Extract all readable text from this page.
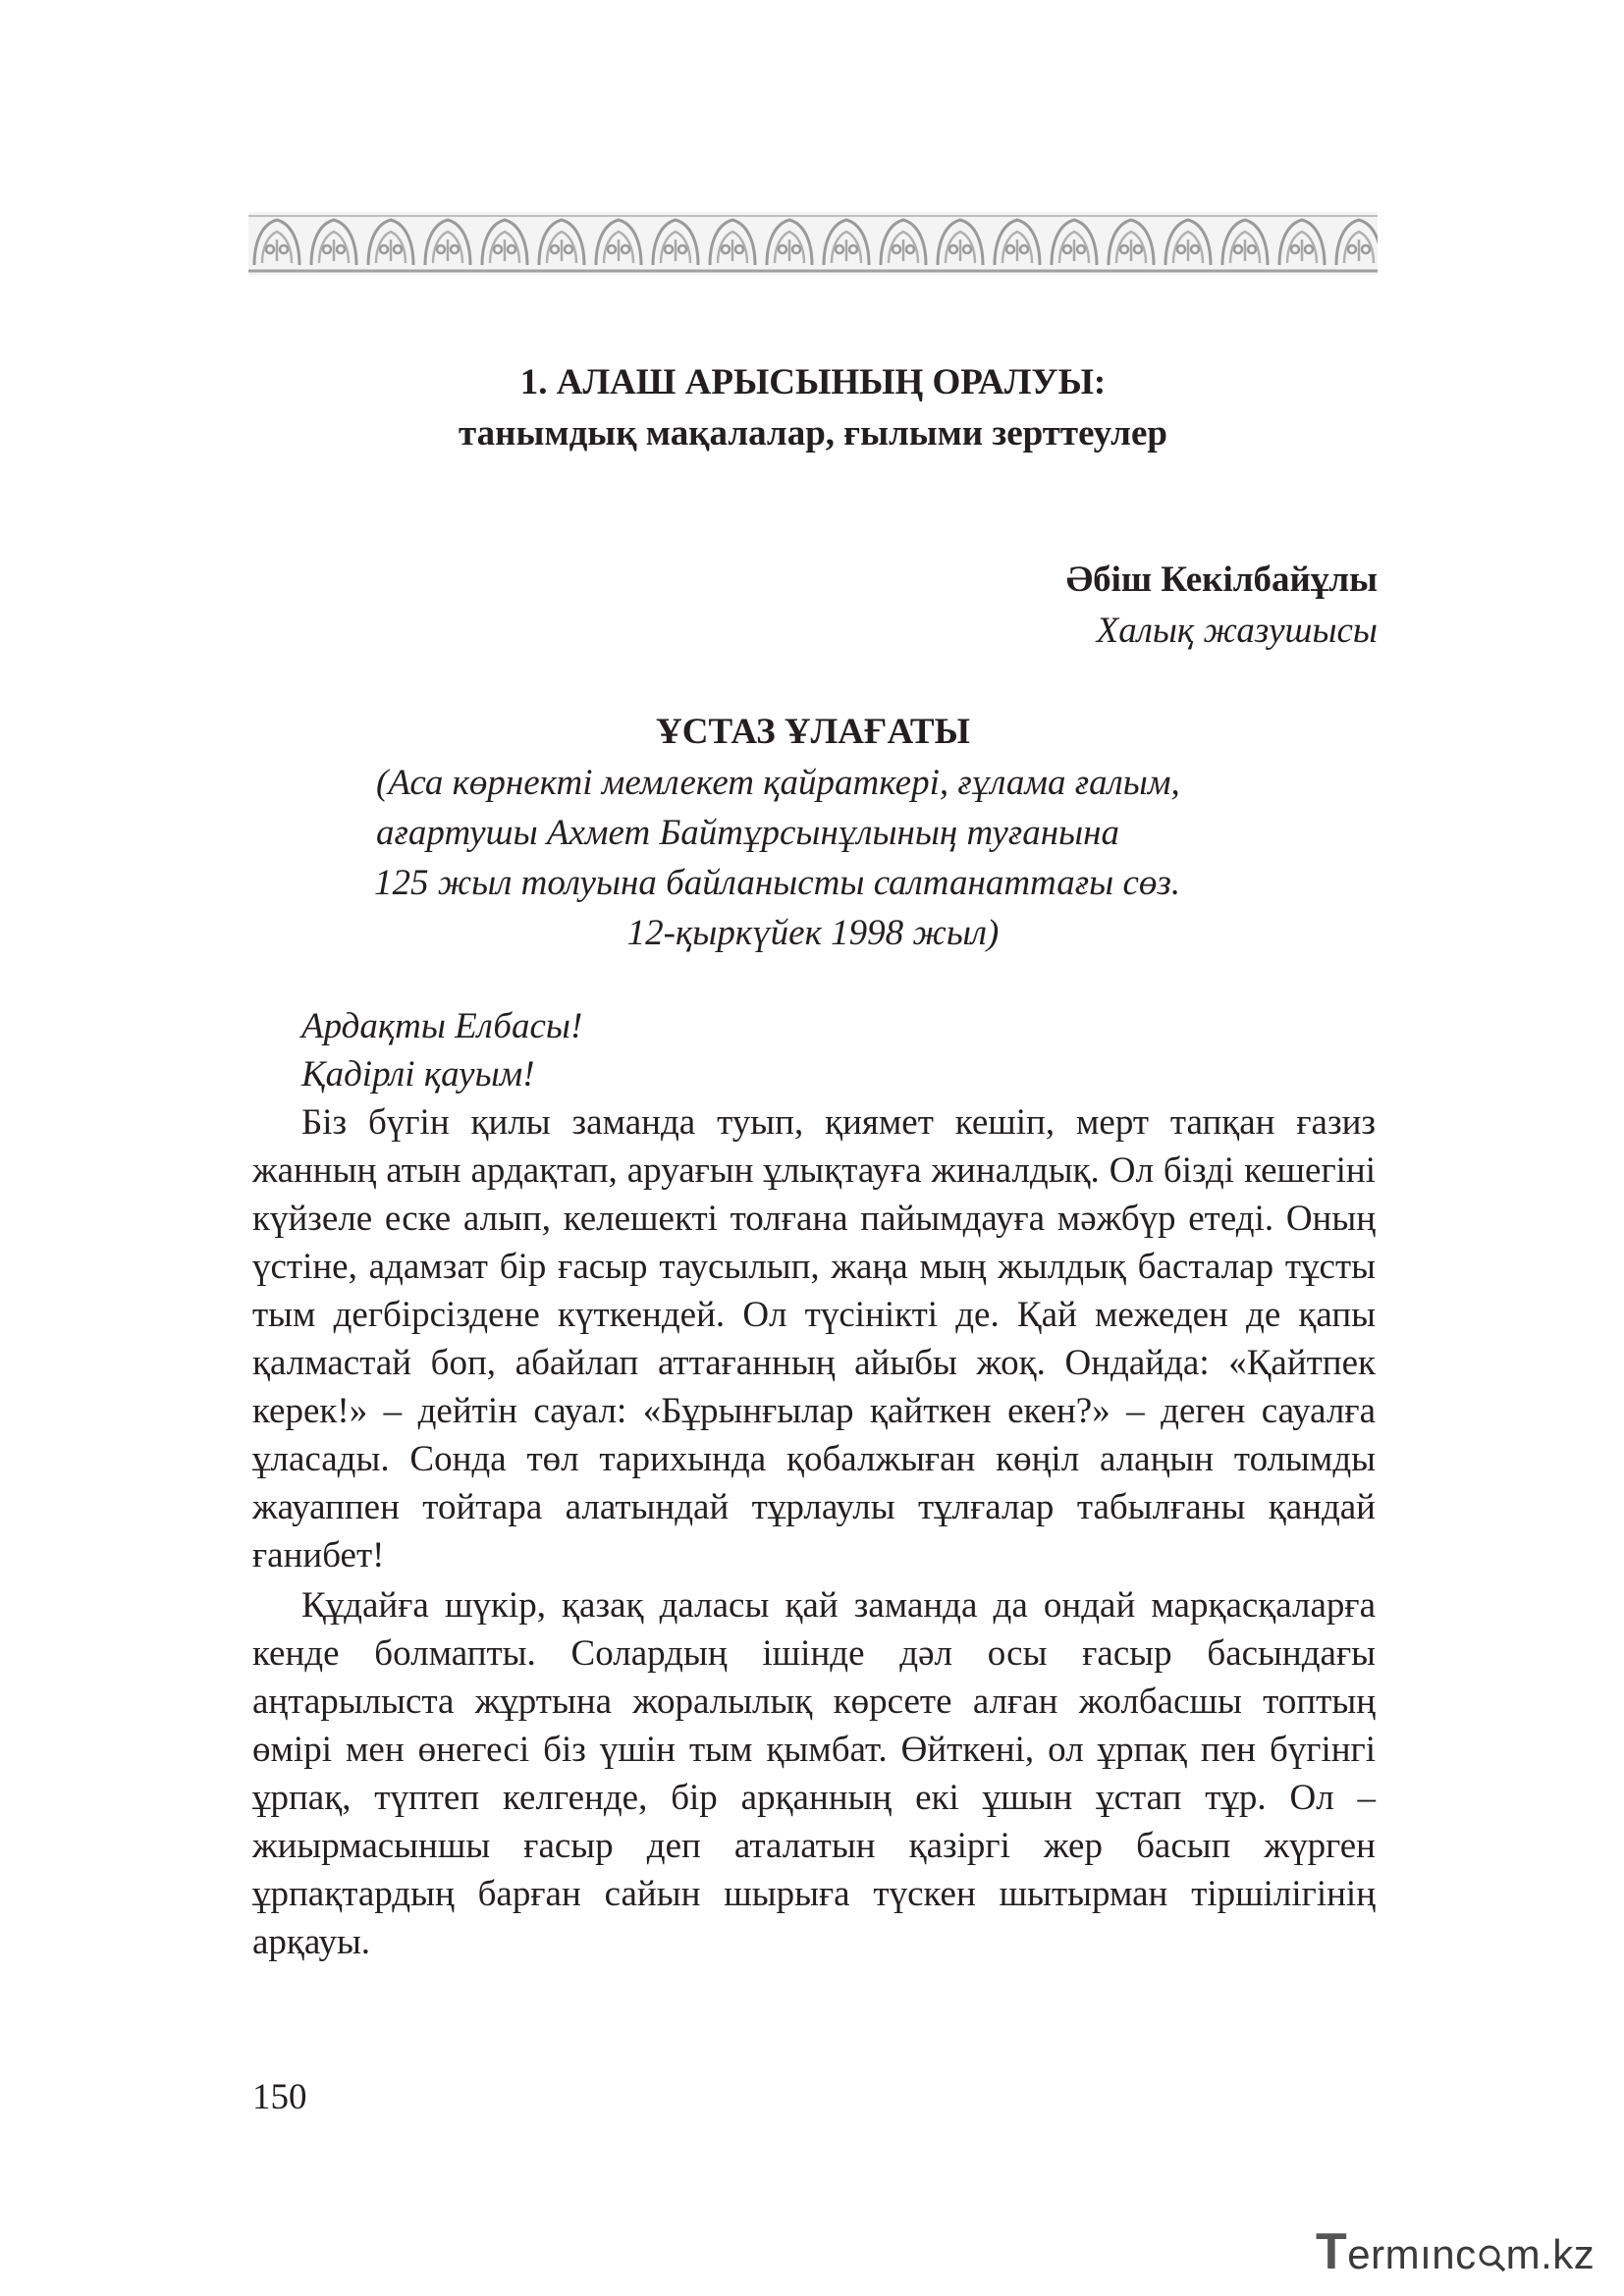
1. АЛАШ АРЫСЫНЫҢ ОРАЛУЫ:
танымдық мақалалар, ғылыми зерттеулер
Әбіш Кекілбайұлы
Халық жазушысы
ҰСТАЗ ҰЛАҒАТЫ
(Аса көрнекті мемлекет қайраткері, ғұлама ғалым,
ағартушы Ахмет Байтұрсынұлының туғанына
125 жыл толуына байланысты салтанаттағы сөз.
12-қыркүйек 1998 жыл)
Ардақты Елбасы!
Қадірлі қауым!

Біз бүгін қилы заманда туып, қиямет кешіп, мерт тапқан ғазиз жанның атын ардақтап, аруағын ұлықтауға жиналдық. Ол бізді кешегіні күйзеле еске алып, келешекті толғана пайымдауға мәжбүр етеді. Оның үстіне, адамзат бір ғасыр таусылып, жаңа мың жылдық басталар тұсты тым дегбірсіздене күткендей. Ол түсінікті де. Қай межеден де қапы қалмастай боп, абайлап аттағанның айыбы жоқ. Ондайда: «Қайтпек керек!» – дейтін сауал: «Бұрынғылар қайткен екен?» – деген сауалға ұласады. Сонда төл тарихында қобалжыған көңіл алаңын толымды жауаппен тойтара алатындай тұрлаулы тұлғалар табылғаны қандай ғанибет!

Құдайға шүкір, қазақ даласы қай заманда да ондай марқасқаларға кенде болмапты. Солардың ішінде дәл осы ғасыр басындағы аңтарылыста жұртына жоралылық көрсете алған жолбасшы топтың өмірі мен өнегесі біз үшін тым қымбат. Өйткені, ол ұрпақ пен бүгінгі ұрпақ, түптеп келгенде, бір арқанның екі ұшын ұстап тұр. Ол – жиырмасыншы ғасыр деп аталатын қазіргі жер басып жүрген ұрпақтардың барған сайын шырыға түскен шытырман тіршілігінің арқауы.

150
Termınc m.kz
